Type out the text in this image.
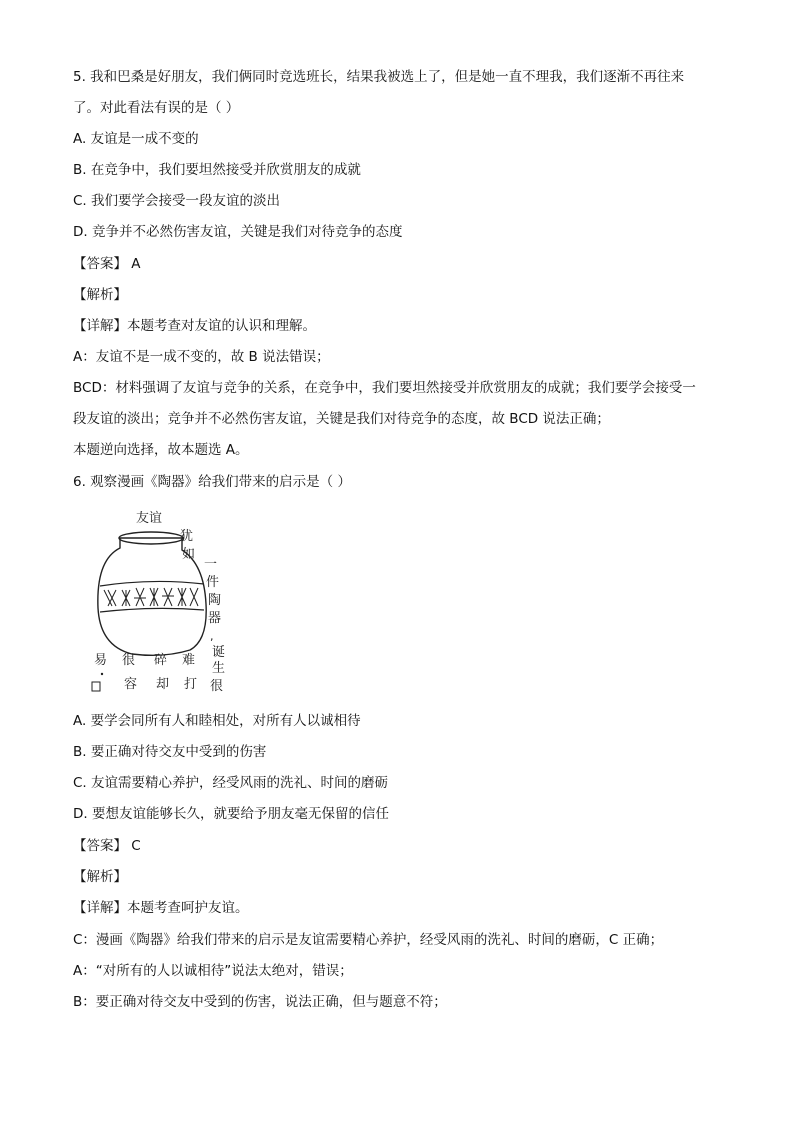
5. 我和巴桑是好朋友，我们俩同时竞选班长，结果我被选上了，但是她一直不理我，我们逐渐不再往来
了。对此看法有误的是（ ）
A. 友谊是一成不变的
B. 在竞争中，我们要坦然接受并欣赏朋友的成就
C. 我们要学会接受一段友谊的淡出
D. 竞争并不必然伤害友谊，关键是我们对待竞争的态度
【答案】 A
【解析】
【详解】本题考查对友谊的认识和理解。
A：友谊不是一成不变的，故 B 说法错误；
BCD：材料强调了友谊与竞争的关系，在竞争中，我们要坦然接受并欣赏朋友的成就；我们要学会接受一
段友谊的淡出；竞争并不必然伤害友谊，关键是我们对待竞争的态度，故 BCD 说法正确；
本题逆向选择，故本题选 A。
6. 观察漫画《陶器》给我们带来的启示是（ ）
友谊
犹
如
一
件
陶
器
,
诞
生
很
难
打
碎
却
很
容
易
A. 要学会同所有人和睦相处，对所有人以诚相待
B. 要正确对待交友中受到的伤害
C. 友谊需要精心养护，经受风雨的洗礼、时间的磨砺
D. 要想友谊能够长久，就要给予朋友毫无保留的信任
【答案】 C
【解析】
【详解】本题考查呵护友谊。
C：漫画《陶器》给我们带来的启示是友谊需要精心养护，经受风雨的洗礼、时间的磨砺，C 正确；
A：“对所有的人以诚相待”说法太绝对，错误；
B：要正确对待交友中受到的伤害，说法正确，但与题意不符；
